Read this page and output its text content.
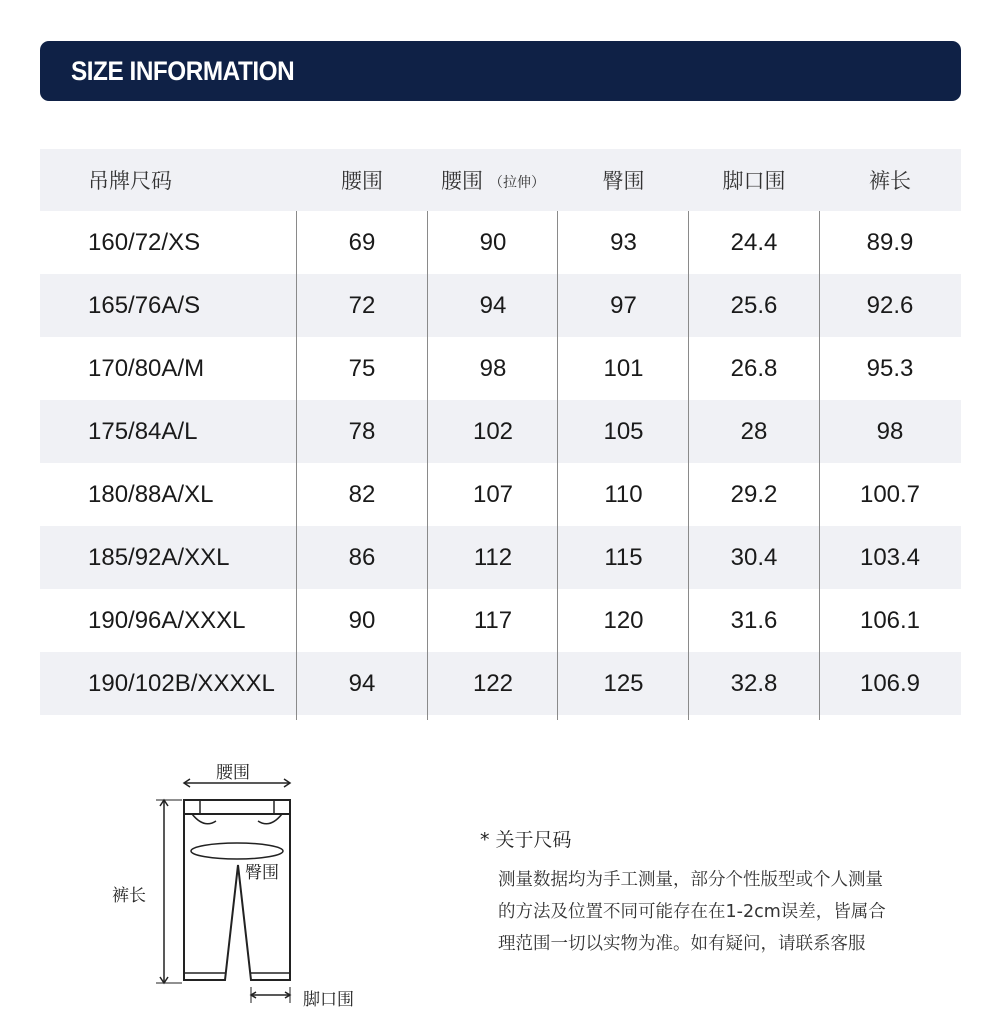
SIZE INFORMATION
吊牌尺码	腰围	腰围 （拉伸）	臀围	脚口围	裤长
160/72/XS	69	90	93	24.4	89.9
165/76A/S	72	94	97	25.6	92.6
170/80A/M	75	98	101	26.8	95.3
175/84A/L	78	102	105	28	98
180/88A/XL	82	107	110	29.2	100.7
185/92A/XXL	86	112	115	30.4	103.4
190/96A/XXXL	90	117	120	31.6	106.1
190/102B/XXXXL	94	122	125	32.8	106.9
腰围
臀围
裤长
脚口围
* 关于尺码
测量数据均为手工测量，部分个性版型或个人测量
的方法及位置不同可能存在在1-2cm误差，皆属合
理范围一切以实物为准。如有疑问，请联系客服
